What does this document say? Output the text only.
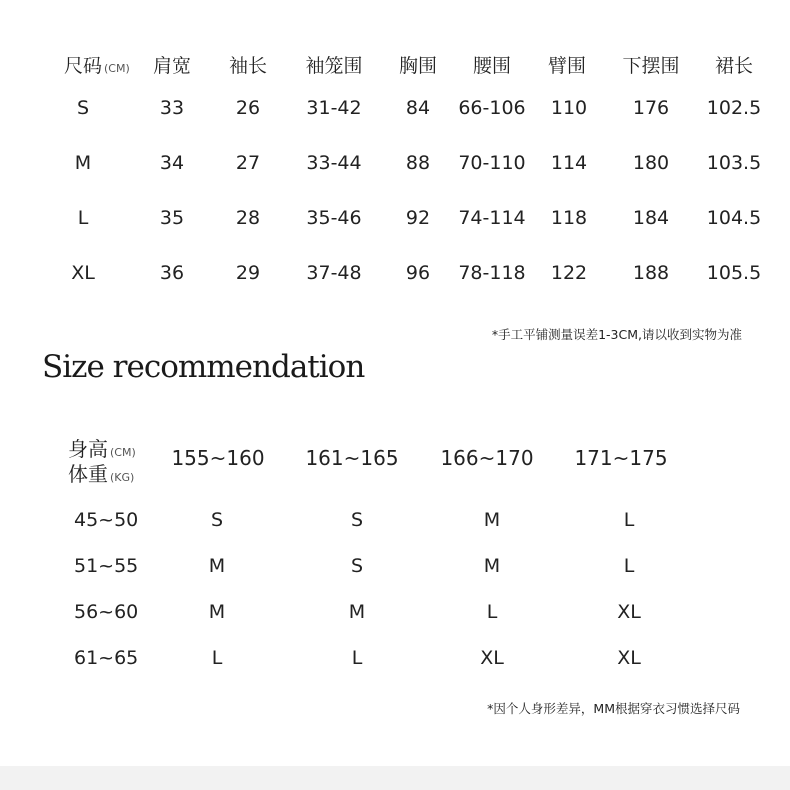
尺码 (CM) 肩宽 袖长 袖笼围 胸围 腰围 臂围 下摆围 裙长
S	33	26 31-42 84 66-106 110 176 102.5
M	34	27 33-44 88 70-110 114 180 103.5
L	35	28 35-46 92 74-114 118 184 104.5
XL	36	29 37-48 96 78-118 122 188 105.5
*手工平铺测量误差1-3CM,请以收到实物为准
Size recommendation
身高 (CM)
体重 (KG)
155~160 161~165 166~170 171~175
45~50	S	S	M	L
51~55	M	S	M	L
56~60	M	M	L	XL
61~65	L	L	XL	XL
*因个人身形差异，MM根据穿衣习惯选择尺码
